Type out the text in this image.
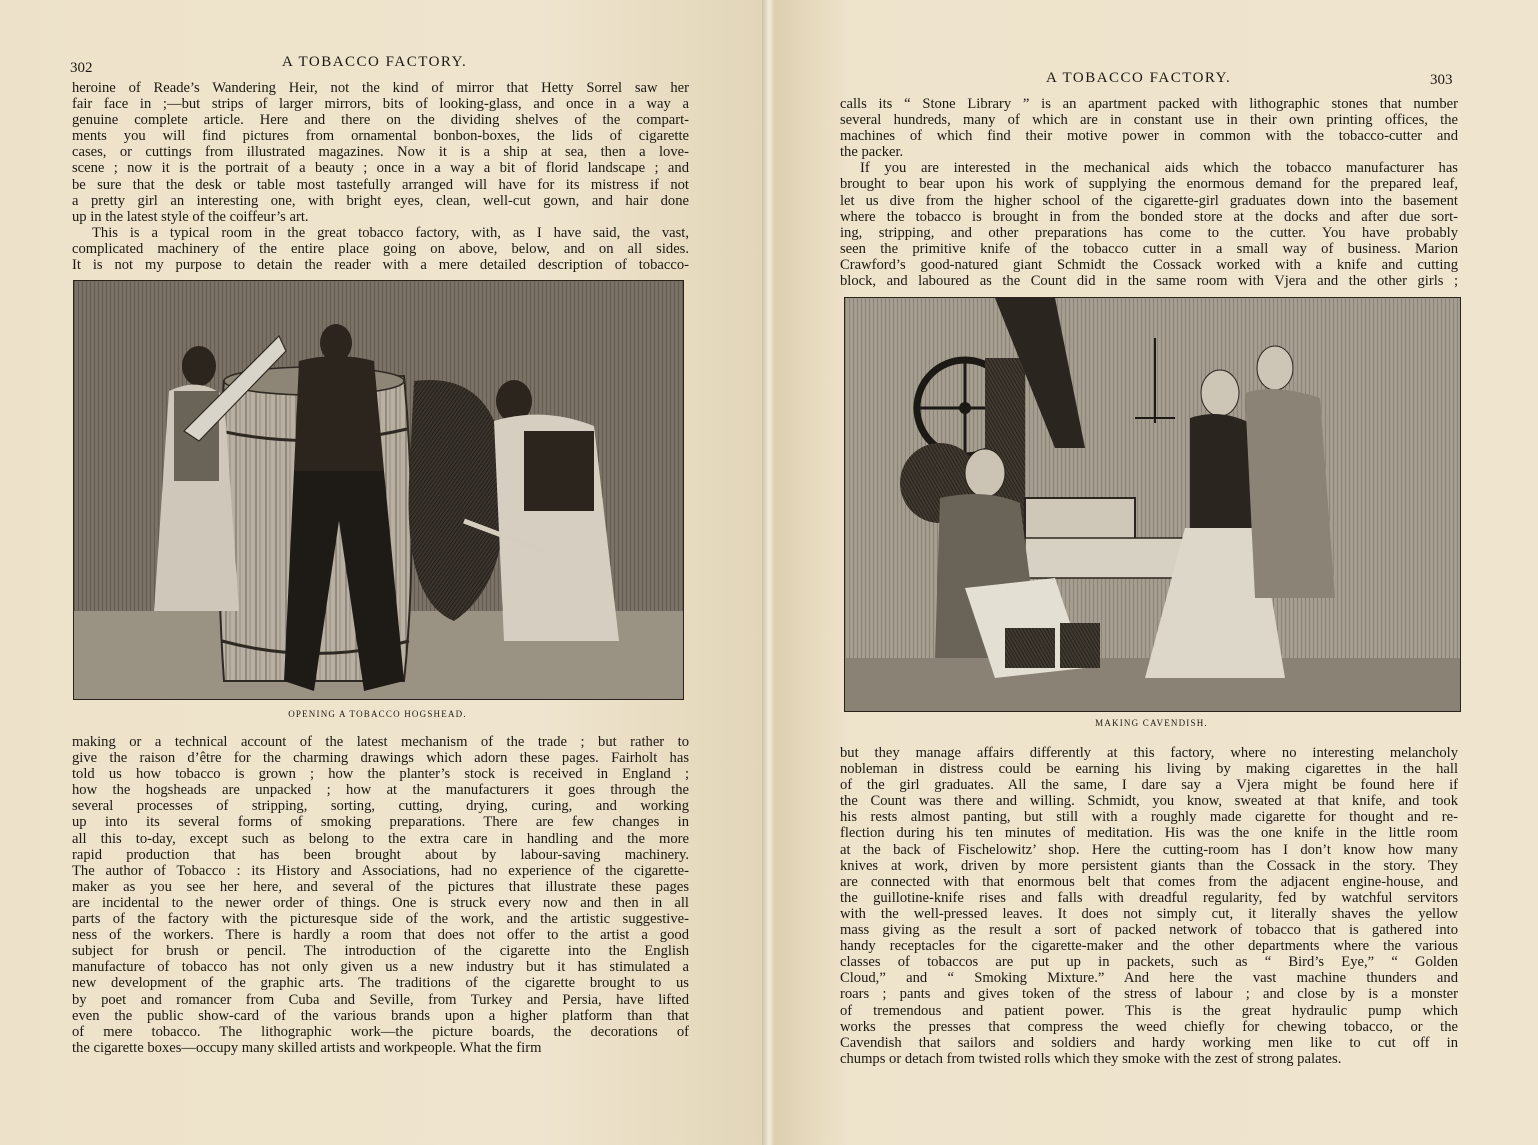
302	A TOBACCO FACTORY.
heroine of Reade’s Wandering Heir, not the kind of mirror that Hetty Sorrel saw her
fair face in ;—but strips of larger mirrors, bits of looking-glass, and once in a way a
genuine complete article. Here and there on the dividing shelves of the compart-
ments you will find pictures from ornamental bonbon-boxes, the lids of cigarette
cases, or cuttings from illustrated magazines. Now it is a ship at sea, then a love-
scene ; now it is the portrait of a beauty ; once in a way a bit of florid landscape ; and
be sure that the desk or table most tastefully arranged will have for its mistress if not
a pretty girl an interesting one, with bright eyes, clean, well-cut gown, and hair done
up in the latest style of the coiffeur’s art.
This is a typical room in the great tobacco factory, with, as I have said, the vast,
complicated machinery of the entire place going on above, below, and on all sides.
It is not my purpose to detain the reader with a mere detailed description of tobacco-
OPENING A TOBACCO HOGSHEAD.
making or a technical account of the latest mechanism of the trade ; but rather to
give the raison d’être for the charming drawings which adorn these pages. Fairholt has
told us how tobacco is grown ; how the planter’s stock is received in England ;
how the hogsheads are unpacked ; how at the manufacturers it goes through the
several processes of stripping, sorting, cutting, drying, curing, and working
up into its several forms of smoking preparations. There are few changes in
all this to-day, except such as belong to the extra care in handling and the more
rapid production that has been brought about by labour-saving machinery.
The author of Tobacco : its History and Associations, had no experience of the cigarette-
maker as you see her here, and several of the pictures that illustrate these pages
are incidental to the newer order of things. One is struck every now and then in all
parts of the factory with the picturesque side of the work, and the artistic suggestive-
ness of the workers. There is hardly a room that does not offer to the artist a good
subject for brush or pencil. The introduction of the cigarette into the English
manufacture of tobacco has not only given us a new industry but it has stimulated a
new development of the graphic arts. The traditions of the cigarette brought to us
by poet and romancer from Cuba and Seville, from Turkey and Persia, have lifted
even the public show-card of the various brands upon a higher platform than that
of mere tobacco. The lithographic work—the picture boards, the decorations of
the cigarette boxes—occupy many skilled artists and workpeople. What the firm
A TOBACCO FACTORY.	303
calls its “ Stone Library ” is an apartment packed with lithographic stones that number
several hundreds, many of which are in constant use in their own printing offices, the
machines of which find their motive power in common with the tobacco-cutter and
the packer.
If you are interested in the mechanical aids which the tobacco manufacturer has
brought to bear upon his work of supplying the enormous demand for the prepared leaf,
let us dive from the higher school of the cigarette-girl graduates down into the basement
where the tobacco is brought in from the bonded store at the docks and after due sort-
ing, stripping, and other preparations has come to the cutter. You have probably
seen the primitive knife of the tobacco cutter in a small way of business. Marion
Crawford’s good-natured giant Schmidt the Cossack worked with a knife and cutting
block, and laboured as the Count did in the same room with Vjera and the other girls ;
MAKING CAVENDISH.
but they manage affairs differently at this factory, where no interesting melancholy
nobleman in distress could be earning his living by making cigarettes in the hall
of the girl graduates. All the same, I dare say a Vjera might be found here if
the Count was there and willing. Schmidt, you know, sweated at that knife, and took
his rests almost panting, but still with a roughly made cigarette for thought and re-
flection during his ten minutes of meditation. His was the one knife in the little room
at the back of Fischelowitz’ shop. Here the cutting-room has I don’t know how many
knives at work, driven by more persistent giants than the Cossack in the story. They
are connected with that enormous belt that comes from the adjacent engine-house, and
the guillotine-knife rises and falls with dreadful regularity, fed by watchful servitors
with the well-pressed leaves. It does not simply cut, it literally shaves the yellow
mass giving as the result a sort of packed network of tobacco that is gathered into
handy receptacles for the cigarette-maker and the other departments where the various
classes of tobaccos are put up in packets, such as “ Bird’s Eye,” “ Golden
Cloud,” and “ Smoking Mixture.” And here the vast machine thunders and
roars ; pants and gives token of the stress of labour ; and close by is a monster
of tremendous and patient power. This is the great hydraulic pump which
works the presses that compress the weed chiefly for chewing tobacco, or the
Cavendish that sailors and soldiers and hardy working men like to cut off in
chumps or detach from twisted rolls which they smoke with the zest of strong palates.
